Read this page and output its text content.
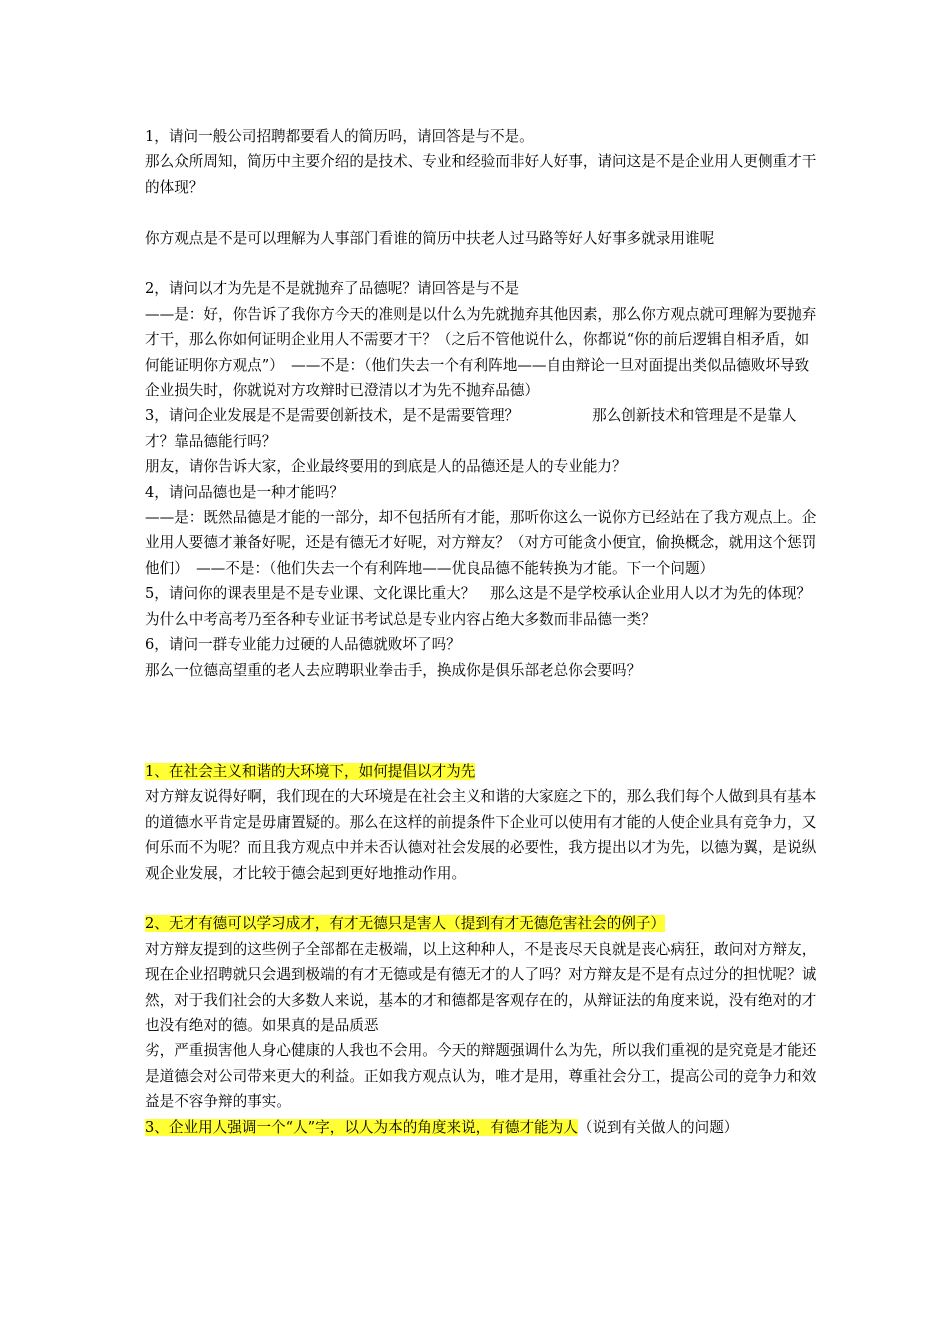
1，请问一般公司招聘都要看人的简历吗，请回答是与不是。

那么众所周知，简历中主要介绍的是技术、专业和经验而非好人好事，请问这是不是企业用人更侧重才干的体现？

你方观点是不是可以理解为人事部门看谁的简历中扶老人过马路等好人好事多就录用谁呢

2，请问以才为先是不是就抛弃了品德呢？请回答是与不是

——是：好，你告诉了我你方今天的准则是以什么为先就抛弃其他因素，那么你方观点就可理解为要抛弃才干，那么你如何证明企业用人不需要才干？（之后不管他说什么，你都说“你的前后逻辑自相矛盾，如何能证明你方观点”）　——不是：（他们失去一个有利阵地——自由辩论一旦对面提出类似品德败坏导致企业损失时，你就说对方攻辩时已澄清以才为先不抛弃品德）

3，请问企业发展是不是需要创新技术，是不是需要管理？　　　　　那么创新技术和管理是不是靠人才？靠品德能行吗？

朋友，请你告诉大家，企业最终要用的到底是人的品德还是人的专业能力？

4，请问品德也是一种才能吗？

——是：既然品德是才能的一部分，却不包括所有才能，那听你这么一说你方已经站在了我方观点上。企业用人要德才兼备好呢，还是有德无才好呢，对方辩友？（对方可能贪小便宜，偷换概念，就用这个惩罚他们）　——不是：（他们失去一个有利阵地——优良品德不能转换为才能。下一个问题）

5，请问你的课表里是不是专业课、文化课比重大？　那么这是不是学校承认企业用人以才为先的体现？

为什么中考高考乃至各种专业证书考试总是专业内容占绝大多数而非品德一类？

6，请问一群专业能力过硬的人品德就败坏了吗？

那么一位德高望重的老人去应聘职业拳击手，换成你是俱乐部老总你会要吗？

1、在社会主义和谐的大环境下，如何提倡以才为先

对方辩友说得好啊，我们现在的大环境是在社会主义和谐的大家庭之下的，那么我们每个人做到具有基本的道德水平肯定是毋庸置疑的。那么在这样的前提条件下企业可以使用有才能的人使企业具有竞争力，又何乐而不为呢？而且我方观点中并未否认德对社会发展的必要性，我方提出以才为先，以德为翼，是说纵观企业发展，才比较于德会起到更好地推动作用。

2、无才有德可以学习成才，有才无德只是害人（提到有才无德危害社会的例子）

对方辩友提到的这些例子全部都在走极端，以上这种种人，不是丧尽天良就是丧心病狂，敢问对方辩友，现在企业招聘就只会遇到极端的有才无德或是有德无才的人了吗？对方辩友是不是有点过分的担忧呢？诚然，对于我们社会的大多数人来说，基本的才和德都是客观存在的，从辩证法的角度来说，没有绝对的才也没有绝对的德。如果真的是品质恶

劣，严重损害他人身心健康的人我也不会用。今天的辩题强调什么为先，所以我们重视的是究竟是才能还是道德会对公司带来更大的利益。正如我方观点认为，唯才是用，尊重社会分工，提高公司的竞争力和效益是不容争辩的事实。

3、企业用人强调一个“人”字，以人为本的角度来说，有德才能为人（说到有关做人的问题）
